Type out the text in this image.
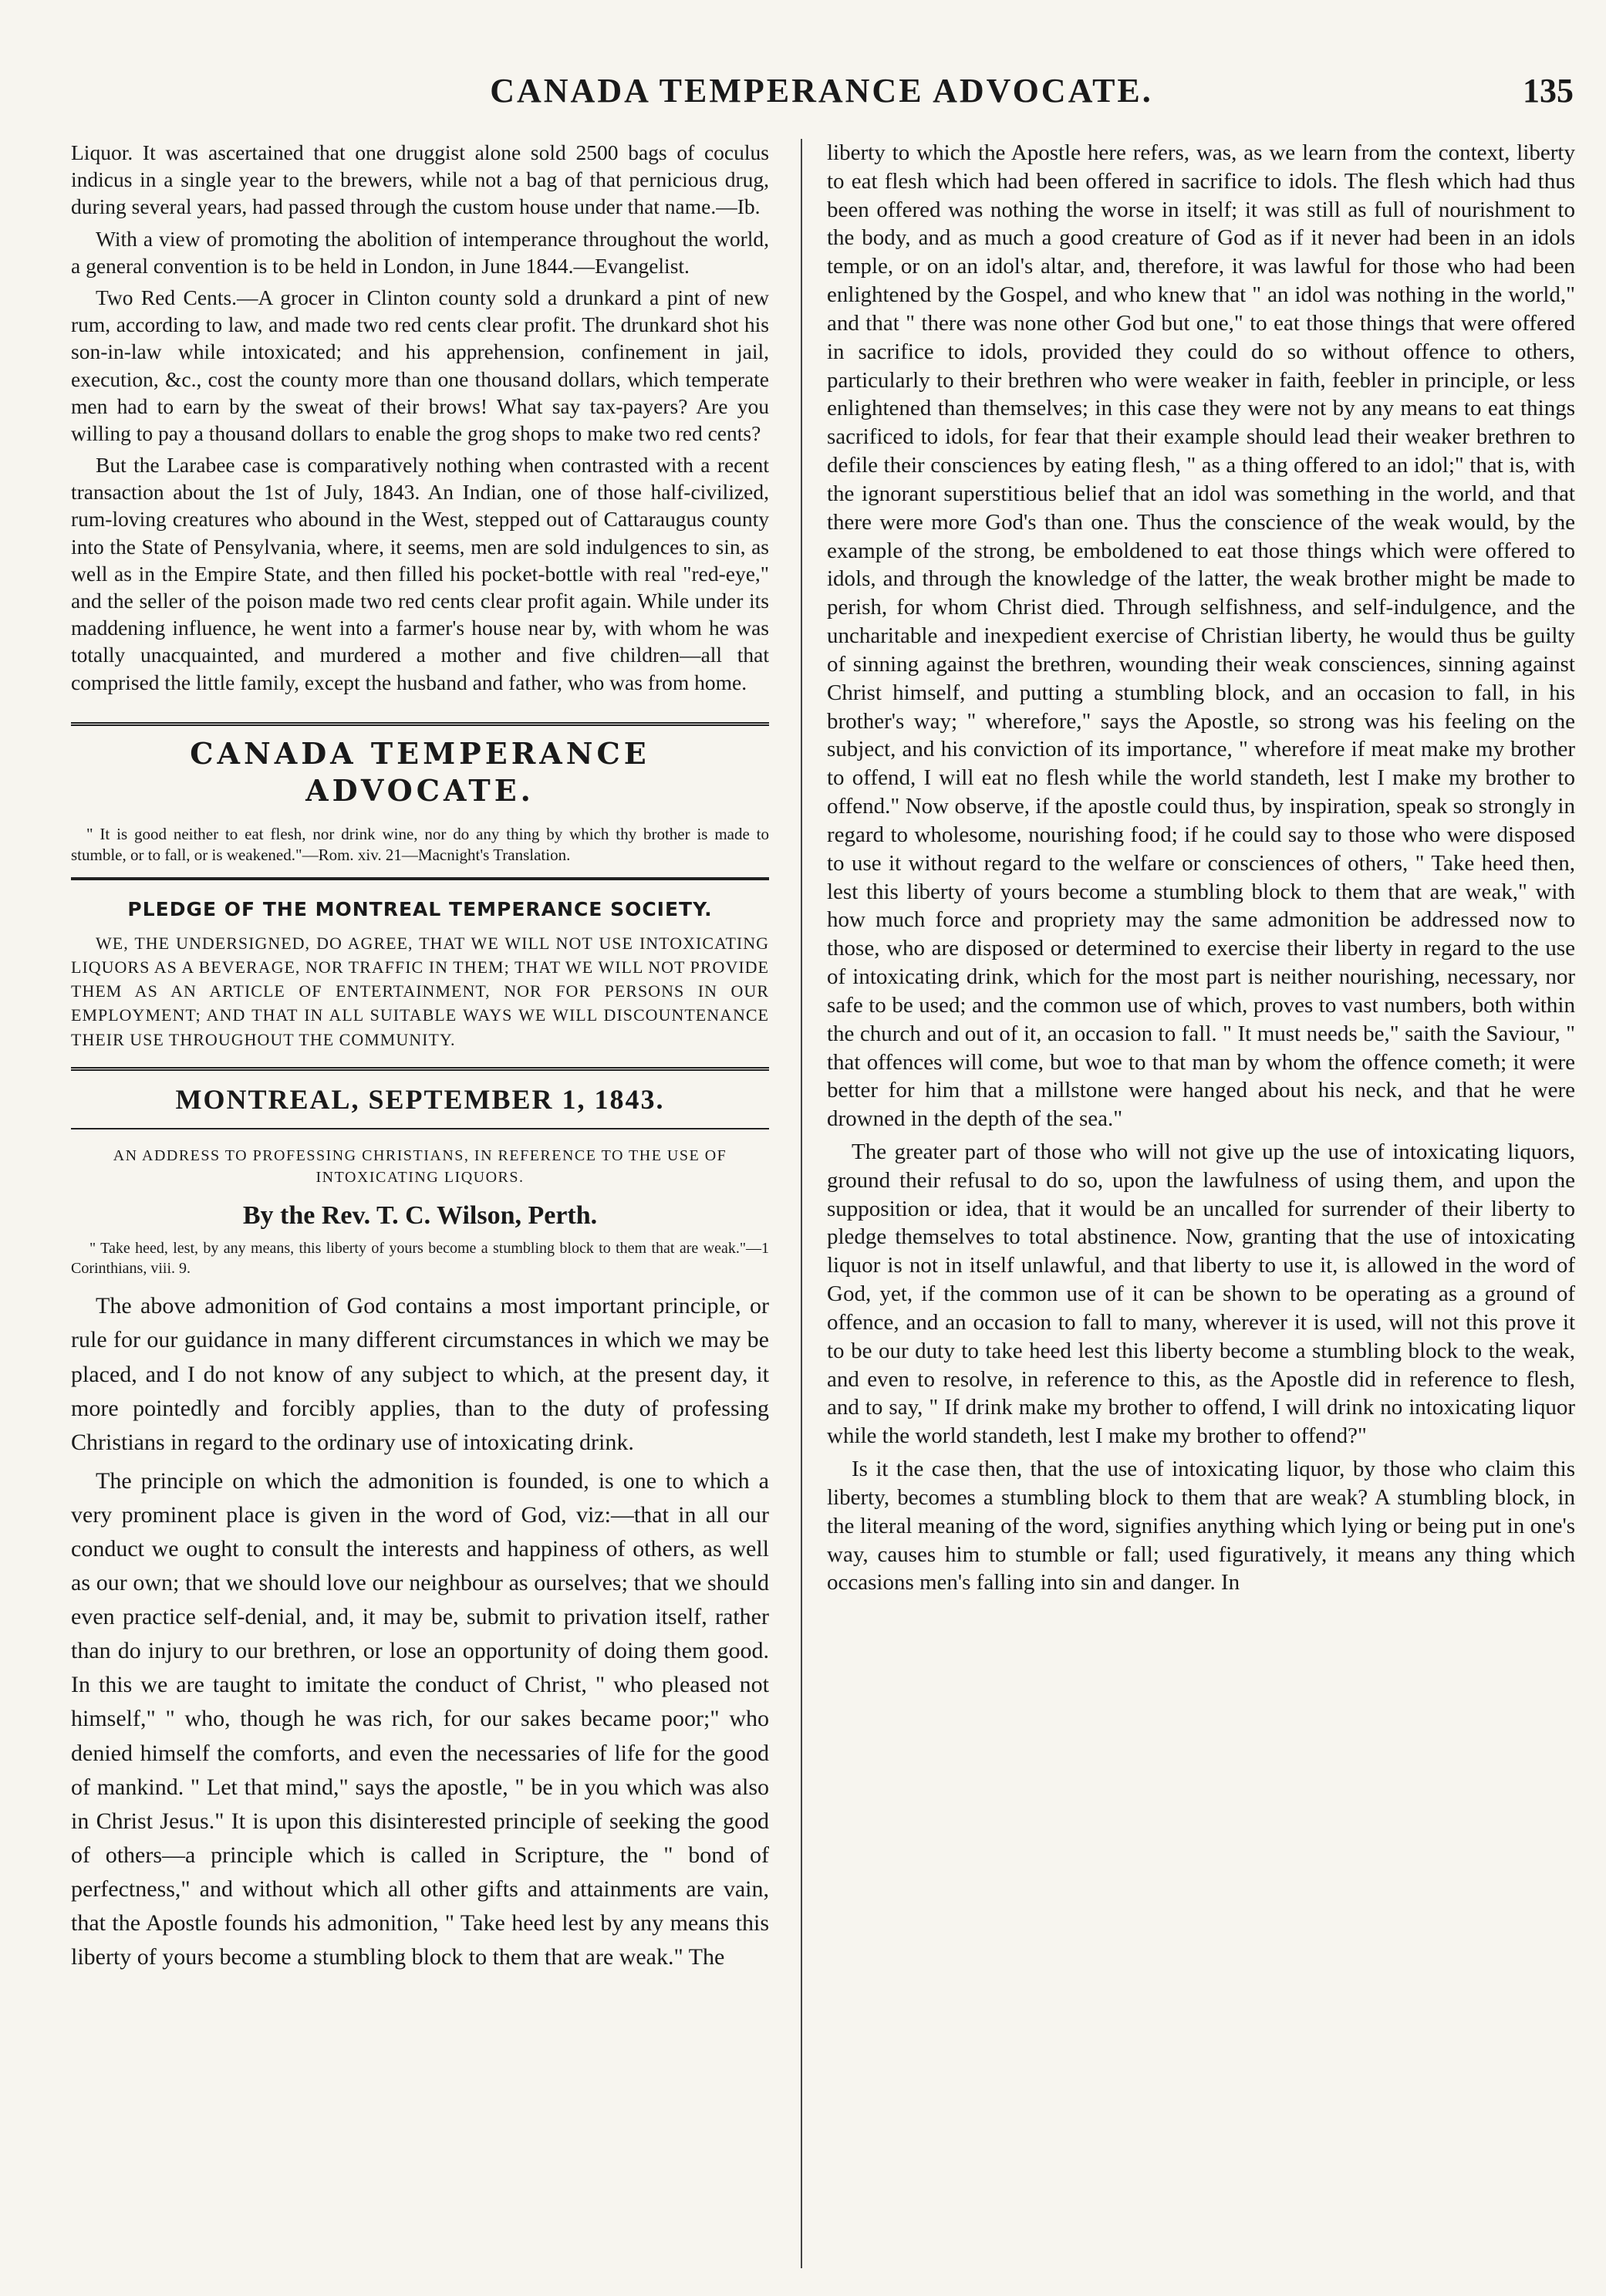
CANADA TEMPERANCE ADVOCATE.	135

Liquor. It was ascertained that one druggist alone sold 2500 bags of coculus indicus in a single year to the brewers, while not a bag of that pernicious drug, during several years, had passed through the custom house under that name.—Ib.

With a view of promoting the abolition of intemperance throughout the world, a general convention is to be held in London, in June 1844.—Evangelist.

Two Red Cents.—A grocer in Clinton county sold a drunkard a pint of new rum, according to law, and made two red cents clear profit. The drunkard shot his son-in-law while intoxicated; and his apprehension, confinement in jail, execution, &c., cost the county more than one thousand dollars, which temperate men had to earn by the sweat of their brows! What say tax-payers? Are you willing to pay a thousand dollars to enable the grog shops to make two red cents?

But the Larabee case is comparatively nothing when contrasted with a recent transaction about the 1st of July, 1843. An Indian, one of those half-civilized, rum-loving creatures who abound in the West, stepped out of Cattaraugus county into the State of Pensylvania, where, it seems, men are sold indulgences to sin, as well as in the Empire State, and then filled his pocket-bottle with real "red-eye," and the seller of the poison made two red cents clear profit again. While under its maddening influence, he went into a farmer's house near by, with whom he was totally unacquainted, and murdered a mother and five children—all that comprised the little family, except the husband and father, who was from home.

CANADA TEMPERANCE ADVOCATE.

" It is good neither to eat flesh, nor drink wine, nor do any thing by which thy brother is made to stumble, or to fall, or is weakened."—Rom. xiv. 21—Macnight's Translation.

PLEDGE OF THE MONTREAL TEMPERANCE SOCIETY.

WE, THE UNDERSIGNED, DO AGREE, THAT WE WILL NOT USE INTOXICATING LIQUORS AS A BEVERAGE, NOR TRAFFIC IN THEM; THAT WE WILL NOT PROVIDE THEM AS AN ARTICLE OF ENTERTAINMENT, NOR FOR PERSONS IN OUR EMPLOYMENT; AND THAT IN ALL SUITABLE WAYS WE WILL DISCOUNTENANCE THEIR USE THROUGHOUT THE COMMUNITY.

MONTREAL, SEPTEMBER 1, 1843.
AN ADDRESS TO PROFESSING CHRISTIANS, IN REFERENCE TO THE USE OF INTOXICATING LIQUORS.
By the Rev. T. C. Wilson, Perth.

" Take heed, lest, by any means, this liberty of yours become a stumbling block to them that are weak."—1 Corinthians, viii. 9.

The above admonition of God contains a most important principle, or rule for our guidance in many different circumstances in which we may be placed, and I do not know of any subject to which, at the present day, it more pointedly and forcibly applies, than to the duty of professing Christians in regard to the ordinary use of intoxicating drink.

The principle on which the admonition is founded, is one to which a very prominent place is given in the word of God, viz:—that in all our conduct we ought to consult the interests and happiness of others, as well as our own; that we should love our neighbour as ourselves; that we should even practice self-denial, and, it may be, submit to privation itself, rather than do injury to our brethren, or lose an opportunity of doing them good. In this we are taught to imitate the conduct of Christ, " who pleased not himself," " who, though he was rich, for our sakes became poor;" who denied himself the comforts, and even the necessaries of life for the good of mankind. " Let that mind," says the apostle, " be in you which was also in Christ Jesus." It is upon this disinterested principle of seeking the good of others—a principle which is called in Scripture, the " bond of perfectness," and without which all other gifts and attainments are vain, that the Apostle founds his admonition, " Take heed lest by any means this liberty of yours become a stumbling block to them that are weak." The

liberty to which the Apostle here refers, was, as we learn from the context, liberty to eat flesh which had been offered in sacrifice to idols. The flesh which had thus been offered was nothing the worse in itself; it was still as full of nourishment to the body, and as much a good creature of God as if it never had been in an idols temple, or on an idol's altar, and, therefore, it was lawful for those who had been enlightened by the Gospel, and who knew that " an idol was nothing in the world," and that " there was none other God but one," to eat those things that were offered in sacrifice to idols, provided they could do so without offence to others, particularly to their brethren who were weaker in faith, feebler in principle, or less enlightened than themselves; in this case they were not by any means to eat things sacrificed to idols, for fear that their example should lead their weaker brethren to defile their consciences by eating flesh, " as a thing offered to an idol;" that is, with the ignorant superstitious belief that an idol was something in the world, and that there were more God's than one. Thus the conscience of the weak would, by the example of the strong, be emboldened to eat those things which were offered to idols, and through the knowledge of the latter, the weak brother might be made to perish, for whom Christ died. Through selfishness, and self-indulgence, and the uncharitable and inexpedient exercise of Christian liberty, he would thus be guilty of sinning against the brethren, wounding their weak consciences, sinning against Christ himself, and putting a stumbling block, and an occasion to fall, in his brother's way; " wherefore," says the Apostle, so strong was his feeling on the subject, and his conviction of its importance, " wherefore if meat make my brother to offend, I will eat no flesh while the world standeth, lest I make my brother to offend." Now observe, if the apostle could thus, by inspiration, speak so strongly in regard to wholesome, nourishing food; if he could say to those who were disposed to use it without regard to the welfare or consciences of others, " Take heed then, lest this liberty of yours become a stumbling block to them that are weak," with how much force and propriety may the same admonition be addressed now to those, who are disposed or determined to exercise their liberty in regard to the use of intoxicating drink, which for the most part is neither nourishing, necessary, nor safe to be used; and the common use of which, proves to vast numbers, both within the church and out of it, an occasion to fall. " It must needs be," saith the Saviour, " that offences will come, but woe to that man by whom the offence cometh; it were better for him that a millstone were hanged about his neck, and that he were drowned in the depth of the sea."

The greater part of those who will not give up the use of intoxicating liquors, ground their refusal to do so, upon the lawfulness of using them, and upon the supposition or idea, that it would be an uncalled for surrender of their liberty to pledge themselves to total abstinence. Now, granting that the use of intoxicating liquor is not in itself unlawful, and that liberty to use it, is allowed in the word of God, yet, if the common use of it can be shown to be operating as a ground of offence, and an occasion to fall to many, wherever it is used, will not this prove it to be our duty to take heed lest this liberty become a stumbling block to the weak, and even to resolve, in reference to this, as the Apostle did in reference to flesh, and to say, " If drink make my brother to offend, I will drink no intoxicating liquor while the world standeth, lest I make my brother to offend?"

Is it the case then, that the use of intoxicating liquor, by those who claim this liberty, becomes a stumbling block to them that are weak? A stumbling block, in the literal meaning of the word, signifies anything which lying or being put in one's way, causes him to stumble or fall; used figuratively, it means any thing which occasions men's falling into sin and danger. In
